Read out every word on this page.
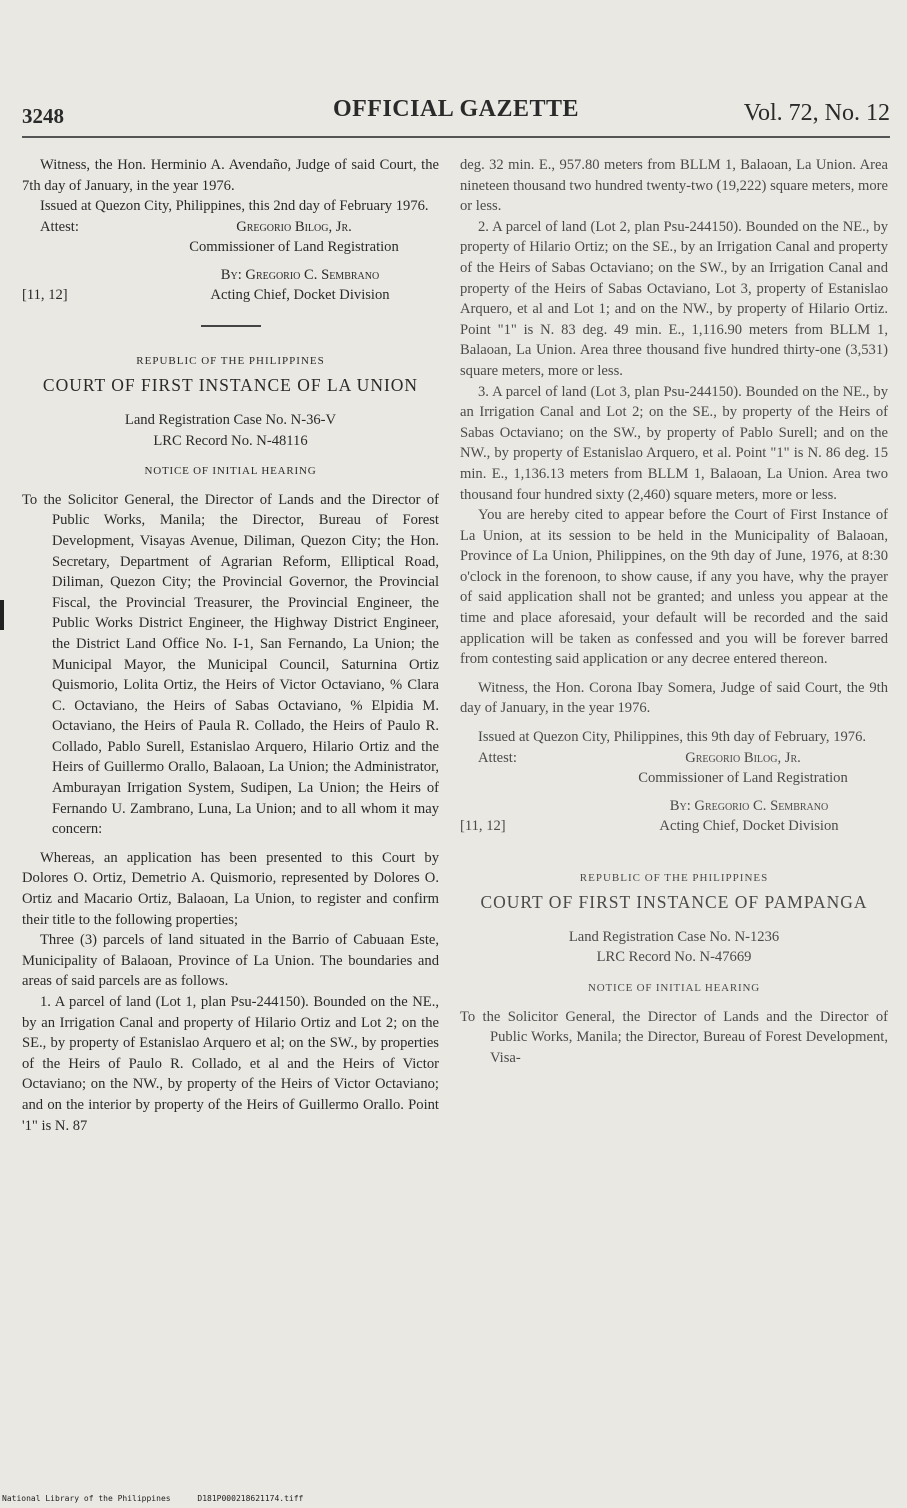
3248	OFFICIAL GAZETTE	Vol. 72, No. 12

Witness, the Hon. Herminio A. Avendaño, Judge of said Court, the 7th day of January, in the year 1976.

Issued at Quezon City, Philippines, this 2nd day of February 1976.

Attest:	Gregorio Bilog, Jr.
Commissioner of Land Registration
[11, 12]
By: Gregorio C. Sembrano
Acting Chief, Docket Division
REPUBLIC OF THE PHILIPPINES
COURT OF FIRST INSTANCE OF LA UNION
Land Registration Case No. N-36-V
LRC Record No. N-48116
NOTICE OF INITIAL HEARING

To the Solicitor General, the Director of Lands and the Director of Public Works, Manila; the Director, Bureau of Forest Development, Visayas Avenue, Diliman, Quezon City; the Hon. Secretary, Department of Agrarian Reform, Elliptical Road, Diliman, Quezon City; the Provincial Governor, the Provincial Fiscal, the Provincial Treasurer, the Provincial Engineer, the Public Works District Engineer, the Highway District Engineer, the District Land Office No. I-1, San Fernando, La Union; the Municipal Mayor, the Municipal Council, Saturnina Ortiz Quismorio, Lolita Ortiz, the Heirs of Victor Octaviano, % Clara C. Octaviano, the Heirs of Sabas Octaviano, % Elpidia M. Octaviano, the Heirs of Paula R. Collado, the Heirs of Paulo R. Collado, Pablo Surell, Estanislao Arquero, Hilario Ortiz and the Heirs of Guillermo Orallo, Balaoan, La Union; the Administrator, Amburayan Irrigation System, Sudipen, La Union; the Heirs of Fernando U. Zambrano, Luna, La Union; and to all whom it may concern:

Whereas, an application has been presented to this Court by Dolores O. Ortiz, Demetrio A. Quismorio, represented by Dolores O. Ortiz and Macario Ortiz, Balaoan, La Union, to register and confirm their title to the following properties;

Three (3) parcels of land situated in the Barrio of Cabuaan Este, Municipality of Balaoan, Province of La Union. The boundaries and areas of said parcels are as follows.

1. A parcel of land (Lot 1, plan Psu-244150). Bounded on the NE., by an Irrigation Canal and property of Hilario Ortiz and Lot 2; on the SE., by property of Estanislao Arquero et al; on the SW., by properties of the Heirs of Paulo R. Collado, et al and the Heirs of Victor Octaviano; on the NW., by property of the Heirs of Victor Octaviano; and on the interior by property of the Heirs of Guillermo Orallo. Point '1" is N. 87

deg. 32 min. E., 957.80 meters from BLLM 1, Balaoan, La Union. Area nineteen thousand two hundred twenty-two (19,222) square meters, more or less.

2. A parcel of land (Lot 2, plan Psu-244150). Bounded on the NE., by property of Hilario Ortiz; on the SE., by an Irrigation Canal and property of the Heirs of Sabas Octaviano; on the SW., by an Irrigation Canal and property of the Heirs of Sabas Octaviano, Lot 3, property of Estanislao Arquero, et al and Lot 1; and on the NW., by property of Hilario Ortiz. Point "1" is N. 83 deg. 49 min. E., 1,116.90 meters from BLLM 1, Balaoan, La Union. Area three thousand five hundred thirty-one (3,531) square meters, more or less.

3. A parcel of land (Lot 3, plan Psu-244150). Bounded on the NE., by an Irrigation Canal and Lot 2; on the SE., by property of the Heirs of Sabas Octaviano; on the SW., by property of Pablo Surell; and on the NW., by property of Estanislao Arquero, et al. Point "1" is N. 86 deg. 15 min. E., 1,136.13 meters from BLLM 1, Balaoan, La Union. Area two thousand four hundred sixty (2,460) square meters, more or less.

You are hereby cited to appear before the Court of First Instance of La Union, at its session to be held in the Municipality of Balaoan, Province of La Union, Philippines, on the 9th day of June, 1976, at 8:30 o'clock in the forenoon, to show cause, if any you have, why the prayer of said application shall not be granted; and unless you appear at the time and place aforesaid, your default will be recorded and the said application will be taken as confessed and you will be forever barred from contesting said application or any decree entered thereon.

Witness, the Hon. Corona Ibay Somera, Judge of said Court, the 9th day of January, in the year 1976.

Issued at Quezon City, Philippines, this 9th day of February, 1976.

Attest:	Gregorio Bilog, Jr.
Commissioner of Land Registration
[11, 12]
By: Gregorio C. Sembrano
Acting Chief, Docket Division
REPUBLIC OF THE PHILIPPINES
COURT OF FIRST INSTANCE OF PAMPANGA
Land Registration Case No. N-1236
LRC Record No. N-47669
NOTICE OF INITIAL HEARING

To the Solicitor General, the Director of Lands and the Director of Public Works, Manila; the Director, Bureau of Forest Development, Visa-

National Library of the Philippines	D181P000218621174.tiff
